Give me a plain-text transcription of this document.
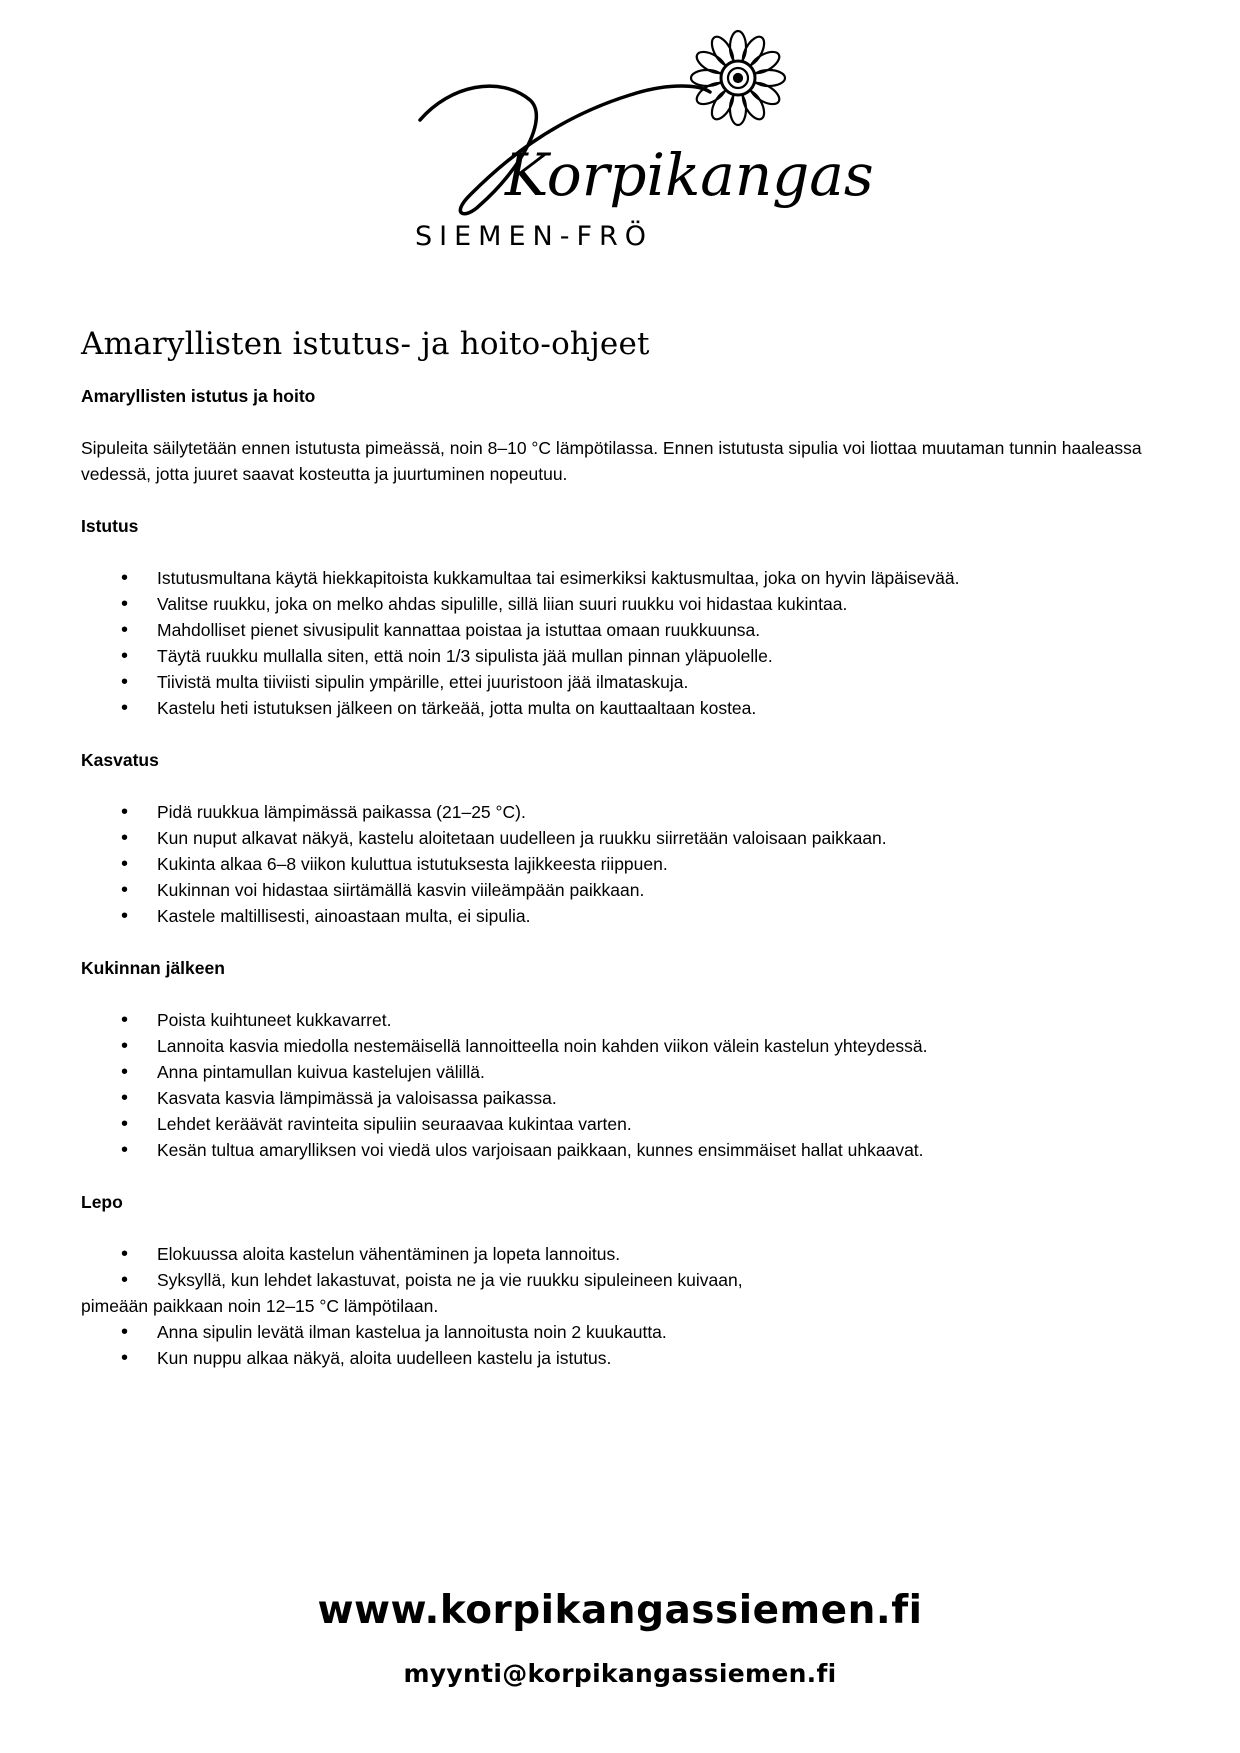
Korpikangas
SIEMEN-FRÖ
Amaryllisten istutus- ja hoito-ohjeet
Amaryllisten istutus ja hoito

Sipuleita säilytetään ennen istutusta pimeässä, noin 8–10 °C lämpötilassa. Ennen istutusta sipulia voi liottaa muutaman tunnin haaleassa vedessä, jotta juuret saavat kosteutta ja juurtuminen nopeutuu.

Istutus
• Istutusmultana käytä hiekkapitoista kukkamultaa tai esimerkiksi kaktusmultaa, joka on hyvin läpäisevää.
• Valitse ruukku, joka on melko ahdas sipulille, sillä liian suuri ruukku voi hidastaa kukintaa.
• Mahdolliset pienet sivusipulit kannattaa poistaa ja istuttaa omaan ruukkuunsa.
• Täytä ruukku mullalla siten, että noin 1/3 sipulista jää mullan pinnan yläpuolelle.
• Tiivistä multa tiiviisti sipulin ympärille, ettei juuristoon jää ilmataskuja.
• Kastelu heti istutuksen jälkeen on tärkeää, jotta multa on kauttaaltaan kostea.
Kasvatus
• Pidä ruukkua lämpimässä paikassa (21–25 °C).
• Kun nuput alkavat näkyä, kastelu aloitetaan uudelleen ja ruukku siirretään valoisaan paikkaan.
• Kukinta alkaa 6–8 viikon kuluttua istutuksesta lajikkeesta riippuen.
• Kukinnan voi hidastaa siirtämällä kasvin viileämpään paikkaan.
• Kastele maltillisesti, ainoastaan multa, ei sipulia.
Kukinnan jälkeen
• Poista kuihtuneet kukkavarret.
• Lannoita kasvia miedolla nestemäisellä lannoitteella noin kahden viikon välein kastelun yhteydessä.
• Anna pintamullan kuivua kastelujen välillä.
• Kasvata kasvia lämpimässä ja valoisassa paikassa.
• Lehdet keräävät ravinteita sipuliin seuraavaa kukintaa varten.
• Kesän tultua amarylliksen voi viedä ulos varjoisaan paikkaan, kunnes ensimmäiset hallat uhkaavat.
Lepo
• Elokuussa aloita kastelun vähentäminen ja lopeta lannoitus.
• Syksyllä, kun lehdet lakastuvat, poista ne ja vie ruukku sipuleineen kuivaan,
pimeään paikkaan noin 12–15 °C lämpötilaan.
• Anna sipulin levätä ilman kastelua ja lannoitusta noin 2 kuukautta.
• Kun nuppu alkaa näkyä, aloita uudelleen kastelu ja istutus.

www.korpikangassiemen.fi

myynti@korpikangassiemen.fi
